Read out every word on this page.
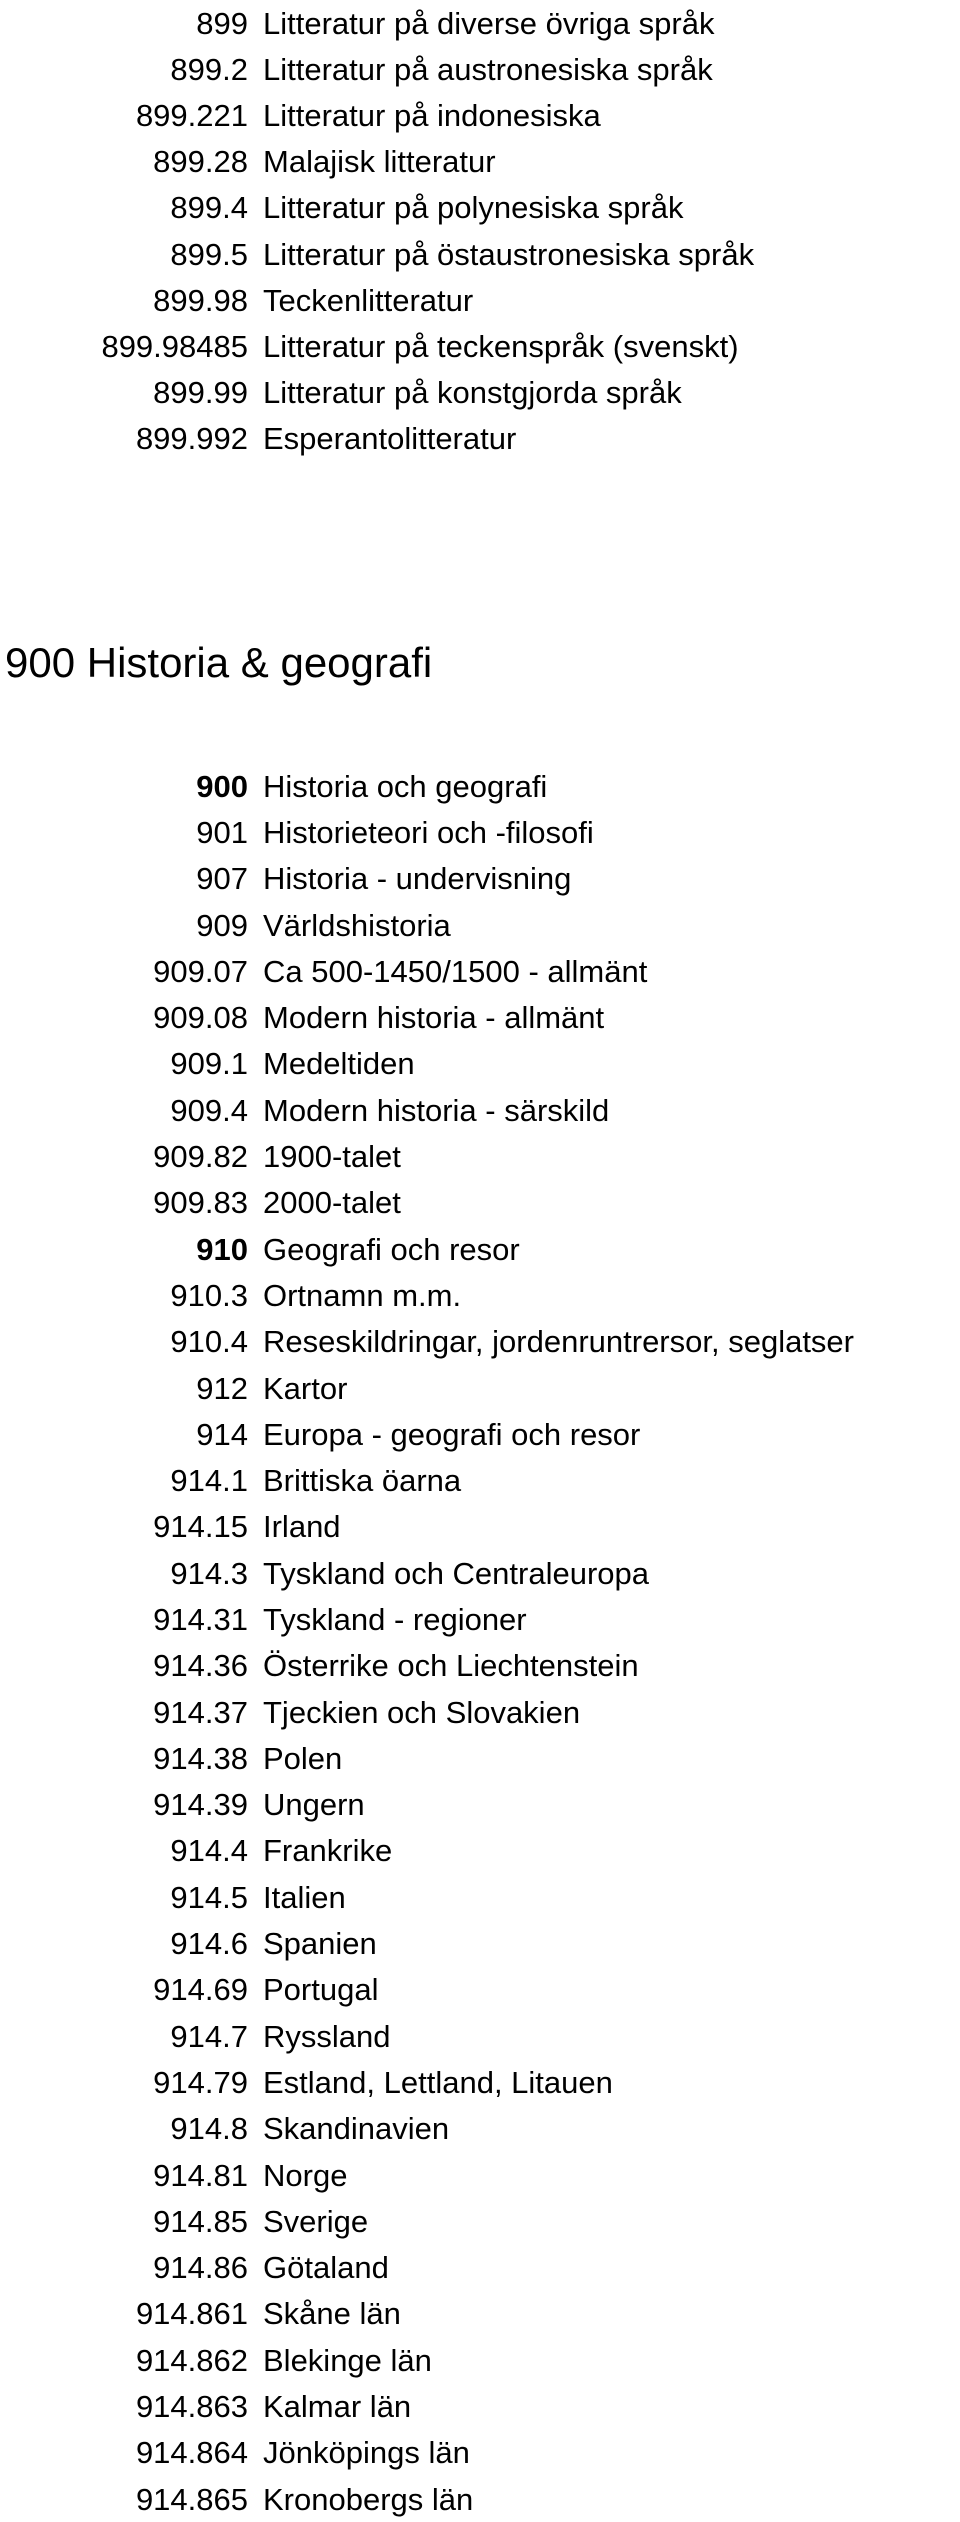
899 Litteratur på diverse övriga språk
899.2 Litteratur på austronesiska språk
899.221 Litteratur på indonesiska
899.28 Malajisk litteratur
899.4 Litteratur på polynesiska språk
899.5 Litteratur på östaustronesiska språk
899.98 Teckenlitteratur
899.98485 Litteratur på teckenspråk (svenskt)
899.99 Litteratur på konstgjorda språk
899.992 Esperantolitteratur
900 Historia & geografi
900 Historia och geografi
901 Historieteori och -filosofi
907 Historia - undervisning
909 Världshistoria
909.07 Ca 500-1450/1500 - allmänt
909.08 Modern historia - allmänt
909.1 Medeltiden
909.4 Modern historia - särskild
909.82 1900-talet
909.83 2000-talet
910 Geografi och resor
910.3 Ortnamn m.m.
910.4 Reseskildringar, jordenruntrersor, seglatser
912 Kartor
914 Europa - geografi och resor
914.1 Brittiska öarna
914.15 Irland
914.3 Tyskland och Centraleuropa
914.31 Tyskland - regioner
914.36 Österrike och Liechtenstein
914.37 Tjeckien och Slovakien
914.38 Polen
914.39 Ungern
914.4 Frankrike
914.5 Italien
914.6 Spanien
914.69 Portugal
914.7 Ryssland
914.79 Estland, Lettland, Litauen
914.8 Skandinavien
914.81 Norge
914.85 Sverige
914.86 Götaland
914.861 Skåne län
914.862 Blekinge län
914.863 Kalmar län
914.864 Jönköpings län
914.865 Kronobergs län
